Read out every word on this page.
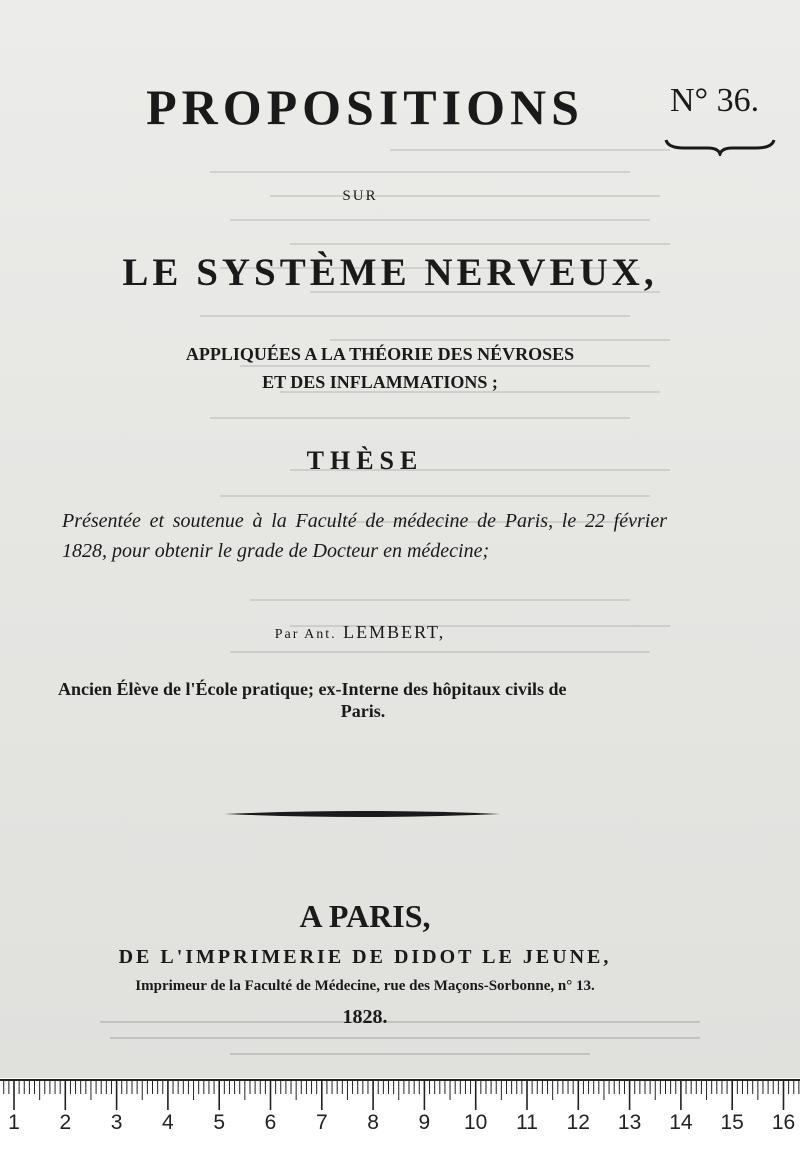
PROPOSITIONS	N° 36.
SUR
LE SYSTÈME NERVEUX,
APPLIQUÉES A LA THÉORIE DES NÉVROSES
ET DES INFLAMMATIONS ;
THÈSE
Présentée et soutenue à la Faculté de médecine de Paris, le 22 février 1828, pour obtenir le grade de Docteur en médecine;
Par Ant. LEMBERT,
Ancien Élève de l'École pratique; ex-Interne des hôpitaux civils de
Paris.
A PARIS,
DE L'IMPRIMERIE DE DIDOT LE JEUNE,
Imprimeur de la Faculté de Médecine, rue des Maçons-Sorbonne, n° 13.
1828.
1 2 3 4 5 6 7 8 9 10 11 12 13 14 15 16
